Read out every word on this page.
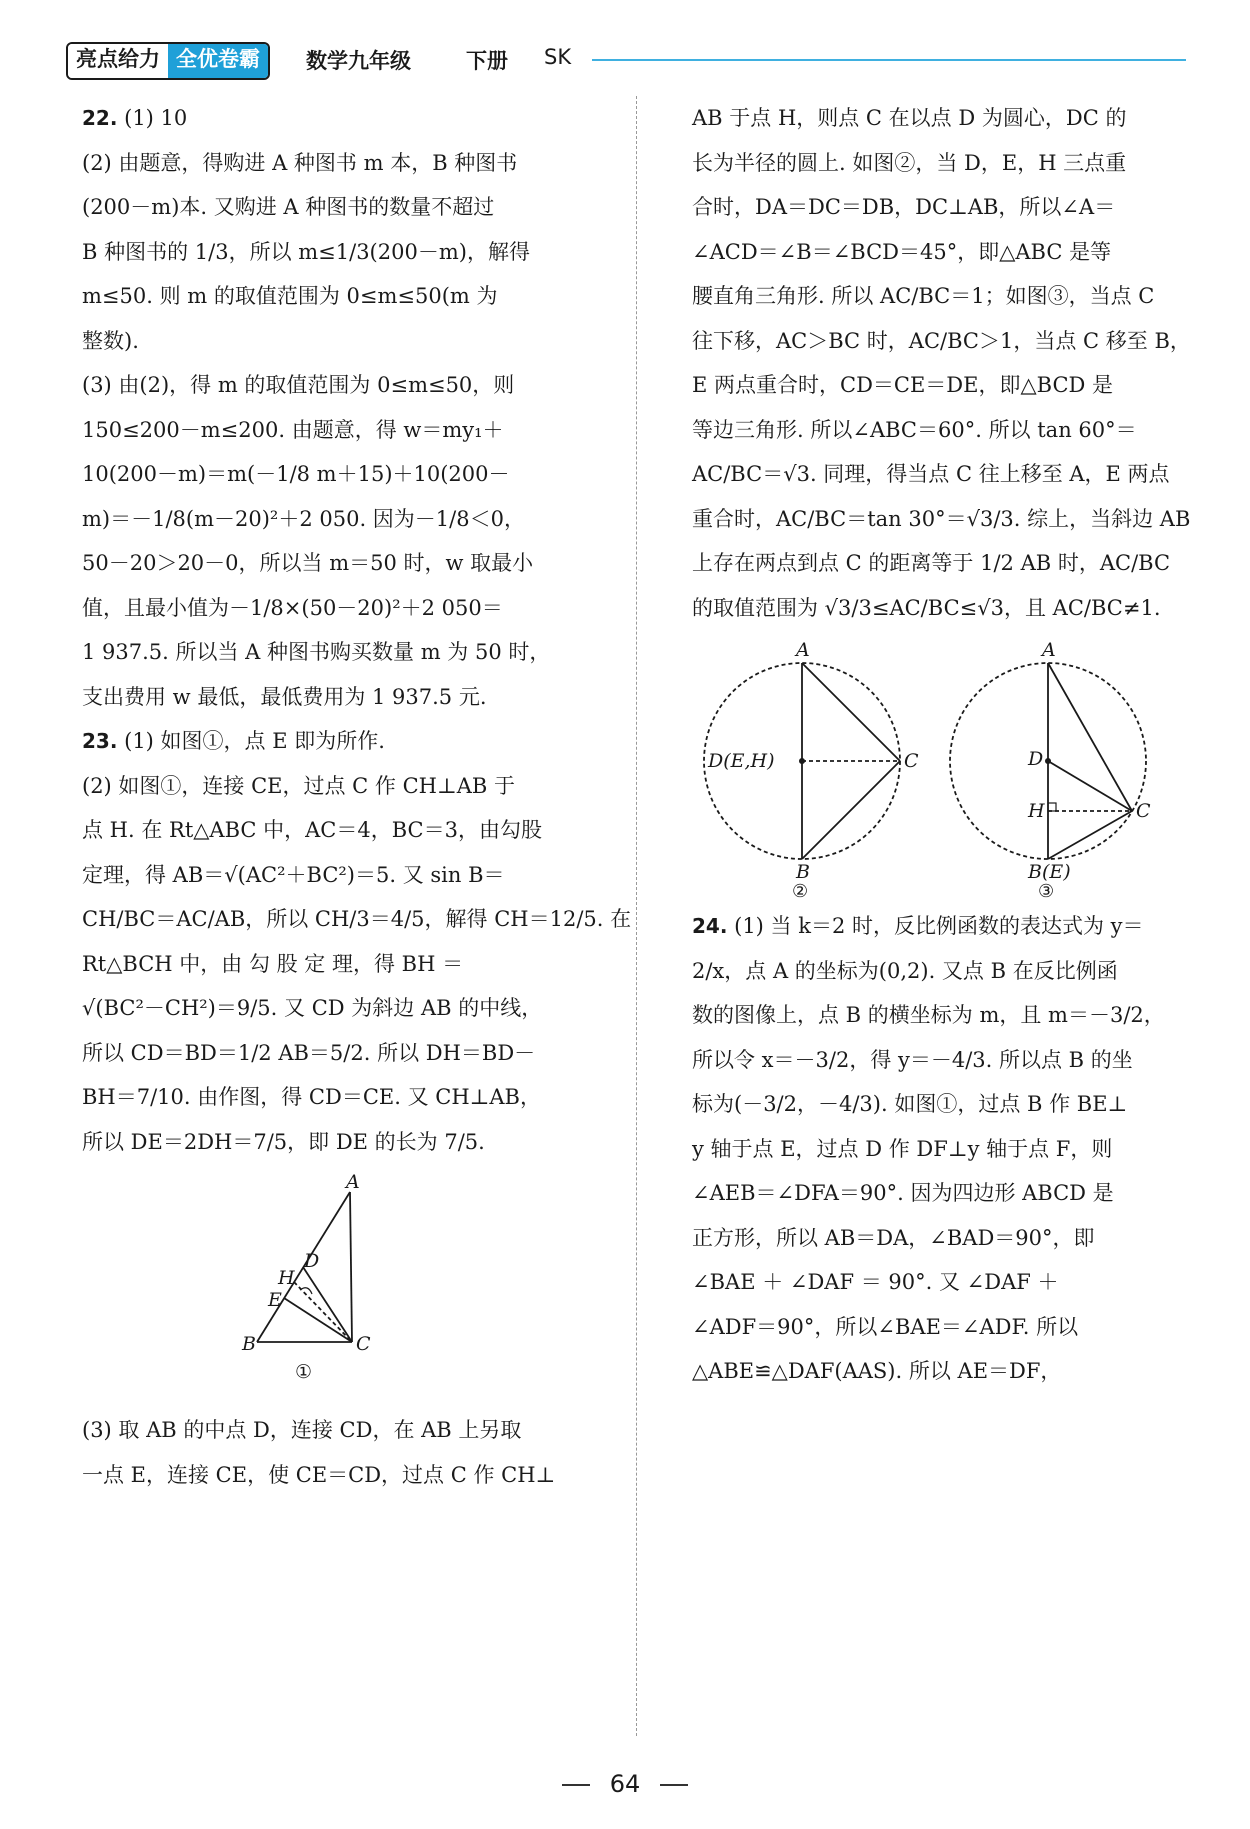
亮点给力 全优卷霸	数学九年级	下册 SK
22. (1) 10
(2) 由题意，得购进 A 种图书 m 本，B 种图书
(200－m)本. 又购进 A 种图书的数量不超过
B 种图书的 1/3，所以 m≤1/3(200－m)，解得
m≤50. 则 m 的取值范围为 0≤m≤50(m 为
整数).
(3) 由(2)，得 m 的取值范围为 0≤m≤50，则
150≤200－m≤200. 由题意，得 w＝my₁＋
10(200－m)＝m(－1/8 m＋15)＋10(200－
m)＝－1/8(m－20)²＋2 050. 因为－1/8＜0，
50－20＞20－0，所以当 m＝50 时，w 取最小
值，且最小值为－1/8×(50－20)²＋2 050＝
1 937.5. 所以当 A 种图书购买数量 m 为 50 时，
支出费用 w 最低，最低费用为 1 937.5 元.
23. (1) 如图①，点 E 即为所作.
(2) 如图①，连接 CE，过点 C 作 CH⊥AB 于
点 H. 在 Rt△ABC 中，AC＝4，BC＝3，由勾股
定理，得 AB＝√(AC²＋BC²)＝5. 又 sin B＝
CH/BC＝AC/AB，所以 CH/3＝4/5，解得 CH＝12/5. 在
Rt△BCH 中，由 勾 股 定 理，得 BH ＝
√(BC²－CH²)＝9/5. 又 CD 为斜边 AB 的中线，
所以 CD＝BD＝1/2 AB＝5/2. 所以 DH＝BD－
BH＝7/10. 由作图，得 CD＝CE. 又 CH⊥AB，
所以 DE＝2DH＝7/5，即 DE 的长为 7/5.
A
D
H
E
B	C
①
(3) 取 AB 的中点 D，连接 CD，在 AB 上另取
一点 E，连接 CE，使 CE＝CD，过点 C 作 CH⊥
AB 于点 H，则点 C 在以点 D 为圆心，DC 的
长为半径的圆上. 如图②，当 D，E，H 三点重
合时，DA＝DC＝DB，DC⊥AB，所以∠A＝
∠ACD＝∠B＝∠BCD＝45°，即△ABC 是等
腰直角三角形. 所以 AC/BC＝1；如图③，当点 C
往下移，AC＞BC 时，AC/BC＞1，当点 C 移至 B，
E 两点重合时，CD＝CE＝DE，即△BCD 是
等边三角形. 所以∠ABC＝60°. 所以 tan 60°＝
AC/BC＝√3. 同理，得当点 C 往上移至 A，E 两点
重合时，AC/BC＝tan 30°＝√3/3. 综上，当斜边 AB
上存在两点到点 C 的距离等于 1/2 AB 时，AC/BC
的取值范围为 √3/3≤AC/BC≤√3，且 AC/BC≠1.
A
D(E,H)	C
B
A
D
H	C
B(E)
②	③
24. (1) 当 k＝2 时，反比例函数的表达式为 y＝
2/x，点 A 的坐标为(0,2). 又点 B 在反比例函
数的图像上，点 B 的横坐标为 m，且 m＝－3/2，
所以令 x＝－3/2，得 y＝－4/3. 所以点 B 的坐
标为(－3/2，－4/3). 如图①，过点 B 作 BE⊥
y 轴于点 E，过点 D 作 DF⊥y 轴于点 F，则
∠AEB＝∠DFA＝90°. 因为四边形 ABCD 是
正方形，所以 AB＝DA，∠BAD＝90°，即
∠BAE ＋ ∠DAF ＝ 90°. 又 ∠DAF ＋
∠ADF＝90°，所以∠BAE＝∠ADF. 所以
△ABE≌△DAF(AAS). 所以 AE＝DF，
64
